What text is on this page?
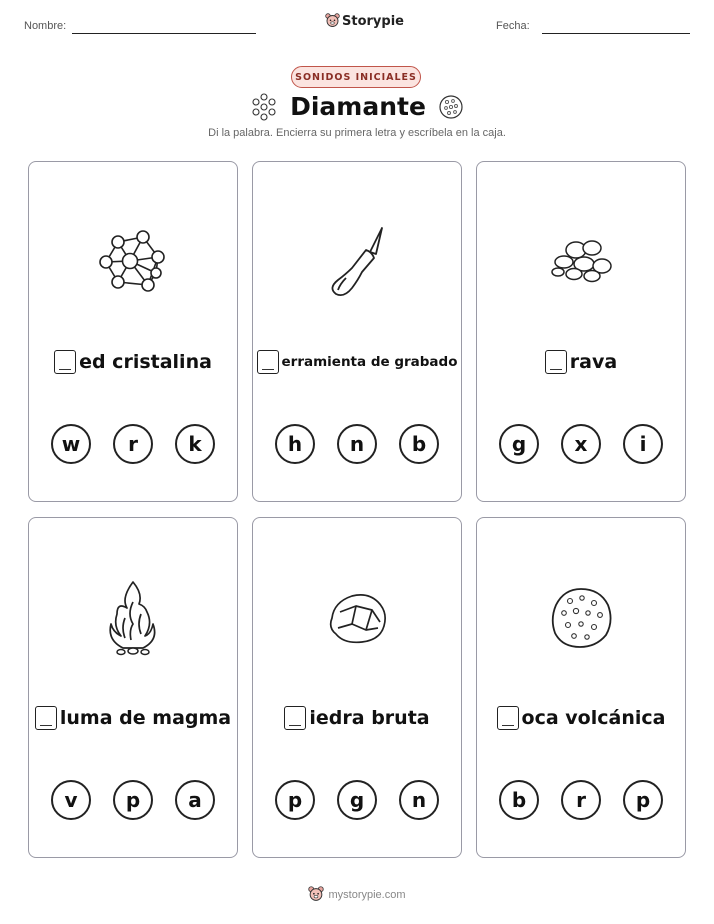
Nombre:	Storypie	Fecha:
SONIDOS INICIALES
Diamante
Di la palabra. Encierra su primera letra y escríbela en la caja.
ed cristalina
w	r	k
erramienta de grabado
h	n	b
rava
g	x	i
luma de magma
v	p	a
iedra bruta
p	g	n
oca volcánica
b	r	p
mystorypie.com
